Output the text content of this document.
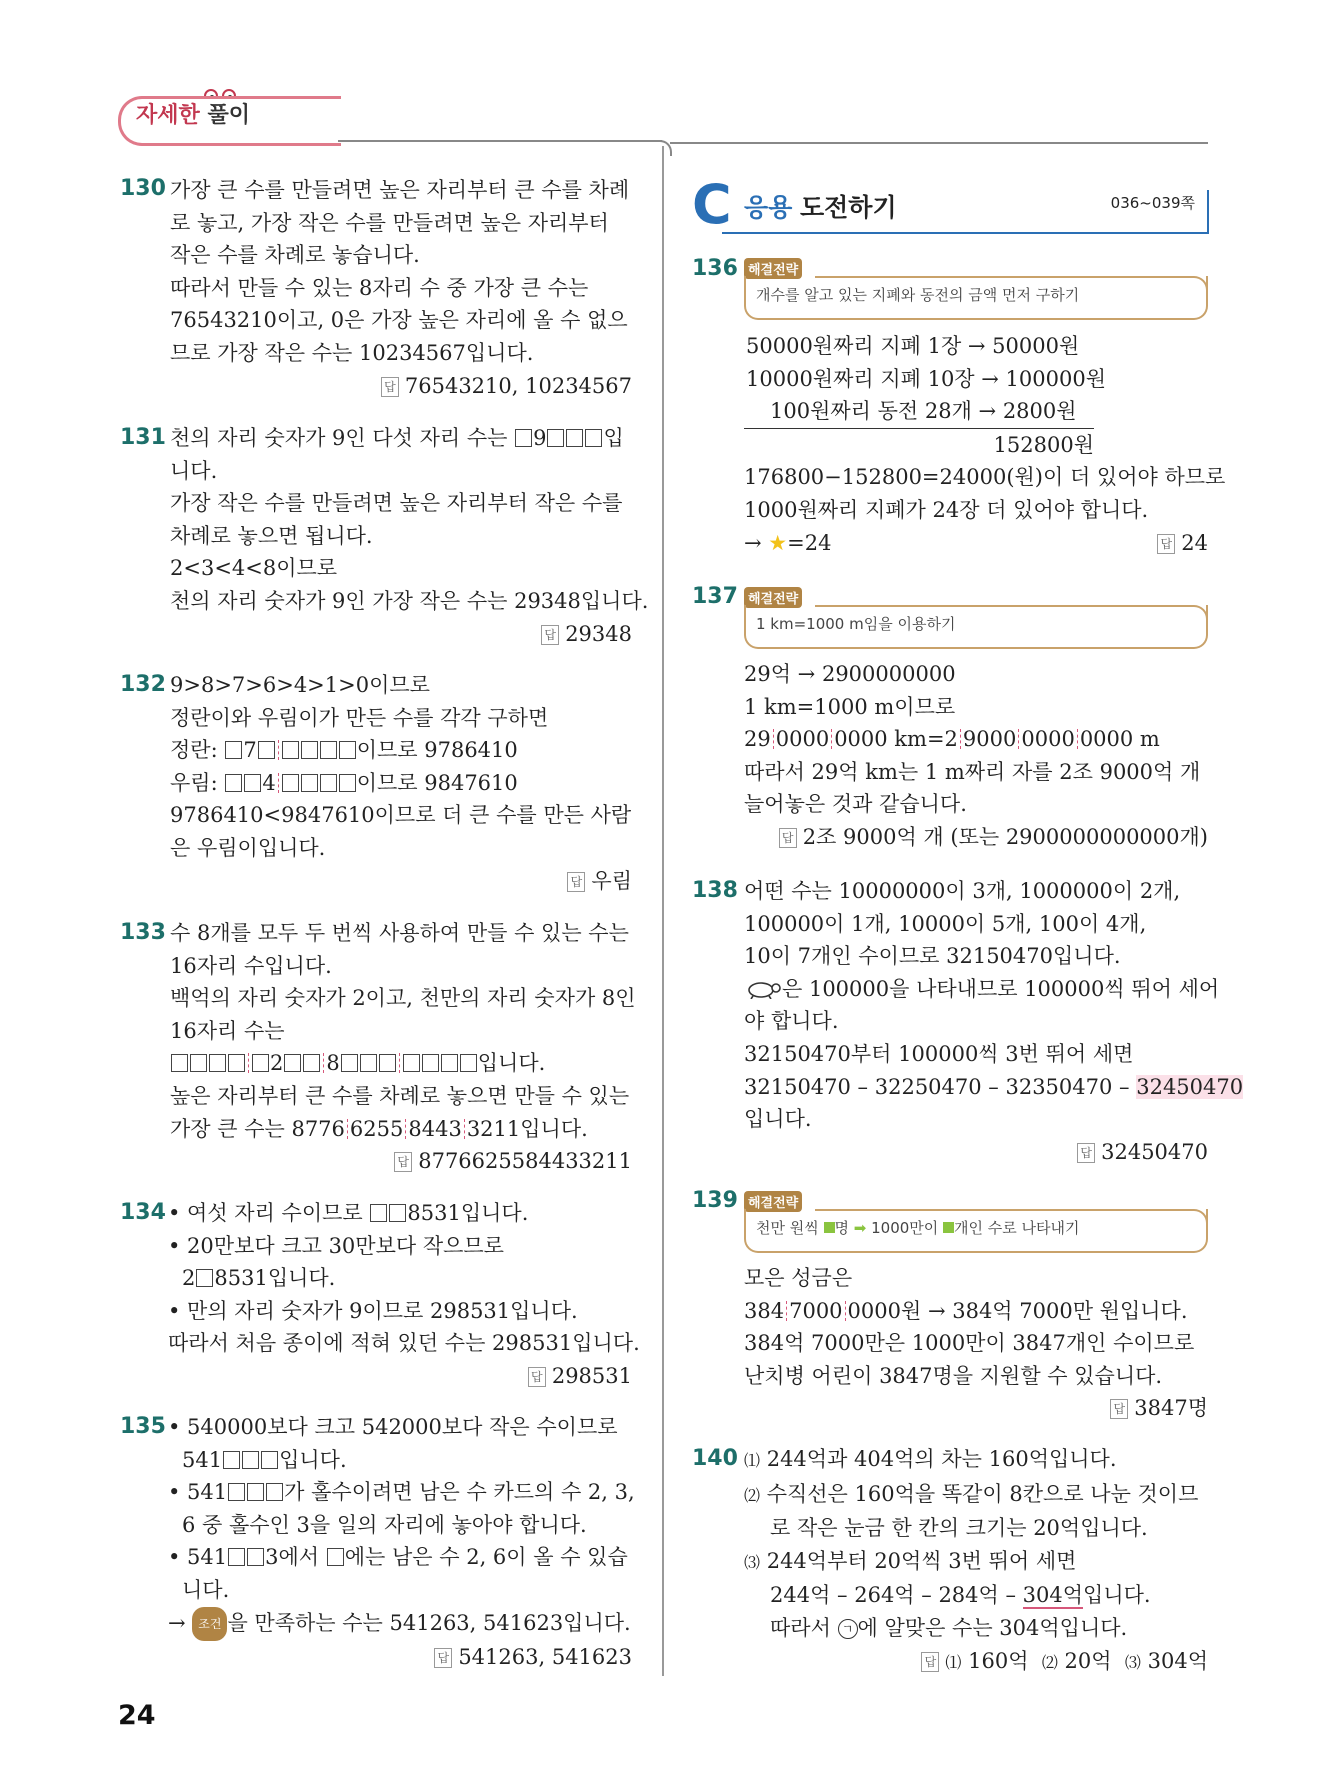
자세한 풀이
130 가장 큰 수를 만들려면 높은 자리부터 큰 수를 차례
로 놓고, 가장 작은 수를 만들려면 높은 자리부터
작은 수를 차례로 놓습니다.
따라서 만들 수 있는 8자리 수 중 가장 큰 수는
76543210이고, 0은 가장 높은 자리에 올 수 없으
므로 가장 작은 수는 10234567입니다.
답 76543210, 10234567
131 천의 자리 숫자가 9인 다섯 자리 수는 9	입
니다.
가장 작은 수를 만들려면 높은 자리부터 작은 수를
차례로 놓으면 됩니다.
2<3<4<8이므로
천의 자리 숫자가 9인 가장 작은 수는 29348입니다.
답 29348
132 9>8>7>6>4>1>0이므로
정란이와 우림이가 만든 수를 각각 구하면
정란: 7	이므로 9786410
우림: 4	이므로 9847610
9786410<9847610이므로 더 큰 수를 만든 사람
은 우림이입니다.
답 우림
133 수 8개를 모두 두 번씩 사용하여 만들 수 있는 수는
16자리 수입니다.
백억의 자리 숫자가 2이고, 천만의 자리 숫자가 8인
16자리 수는
2 8	입니다.
높은 자리부터 큰 수를 차례로 놓으면 만들 수 있는
가장 큰 수는 8776 6255 8443 3211입니다.
답 8776625584433211
134 • 여섯 자리 수이므로 8531입니다.
• 20만보다 크고 30만보다 작으므로
2 8531입니다.
• 만의 자리 숫자가 9이므로 298531입니다.
따라서 처음 종이에 적혀 있던 수는 298531입니다.
답 298531
135 • 540000보다 크고 542000보다 작은 수이므로
541	입니다.
• 541	가 홀수이려면 남은 수 카드의 수 2, 3,
6 중 홀수인 3을 일의 자리에 놓아야 합니다.
• 541 3에서 에는 남은 수 2, 6이 올 수 있습
니다.
→ 조건 을 만족하는 수는 541263, 541623입니다.
답 541263, 541623
C 응용 도전하기	036~039쪽
136 해결전략
개수를 알고 있는 지폐와 동전의 금액 먼저 구하기
50000원짜리 지폐 1장 → 50000원
10000원짜리 지폐 10장 → 100000원
100원짜리 동전 28개 → 2800원
152800원
176800−152800=24000(원)이 더 있어야 하므로
1000원짜리 지폐가 24장 더 있어야 합니다.
→ ★=24	답 24
137 해결전략
1 km=1000 m임을 이용하기
29억 → 2900000000
1 km=1000 m이므로
29 0000 0000 km=2 9000 0000 0000 m
따라서 29억 km는 1 m짜리 자를 2조 9000억 개
늘어놓은 것과 같습니다.
답 2조 9000억 개 (또는 2900000000000개)
138 어떤 수는 10000000이 3개, 1000000이 2개,
100000이 1개, 10000이 5개, 100이 4개,
10이 7개인 수이므로 32150470입니다.
은 100000을 나타내므로 100000씩 뛰어 세어
야 합니다.
32150470부터 100000씩 3번 뛰어 세면
32150470 – 32250470 – 32350470 – 32450470
입니다.
답 32450470
139 해결전략
천만 원씩 명 ➡ 1000만이 개인 수로 나타내기
모은 성금은
384 7000 0000원 → 384억 7000만 원입니다.
384억 7000만은 1000만이 3847개인 수이므로
난치병 어린이 3847명을 지원할 수 있습니다.
답 3847명
140 ⑴ 244억과 404억의 차는 160억입니다.
⑵ 수직선은 160억을 똑같이 8칸으로 나눈 것이므
로 작은 눈금 한 칸의 크기는 20억입니다.
⑶ 244억부터 20억씩 3번 뛰어 세면
244억 – 264억 – 284억 – 304억입니다.
따라서 ㄱ 에 알맞은 수는 304억입니다.
답 ⑴ 160억 ⑵ 20억 ⑶ 304억
24
